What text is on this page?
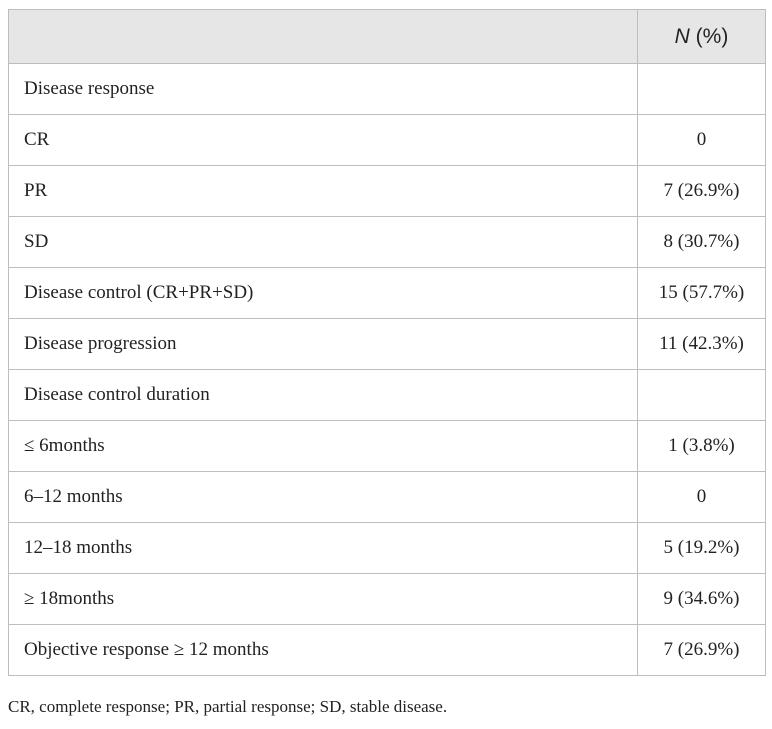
	N (%)
Disease response	
CR	0
PR	7 (26.9%)
SD	8 (30.7%)
Disease control (CR+PR+SD)	15 (57.7%)
Disease progression	11 (42.3%)
Disease control duration	
≤ 6months	1 (3.8%)
6–12 months	0
12–18 months	5 (19.2%)
≥ 18months	9 (34.6%)
Objective response ≥ 12 months	7 (26.9%)
CR, complete response; PR, partial response; SD, stable disease.
